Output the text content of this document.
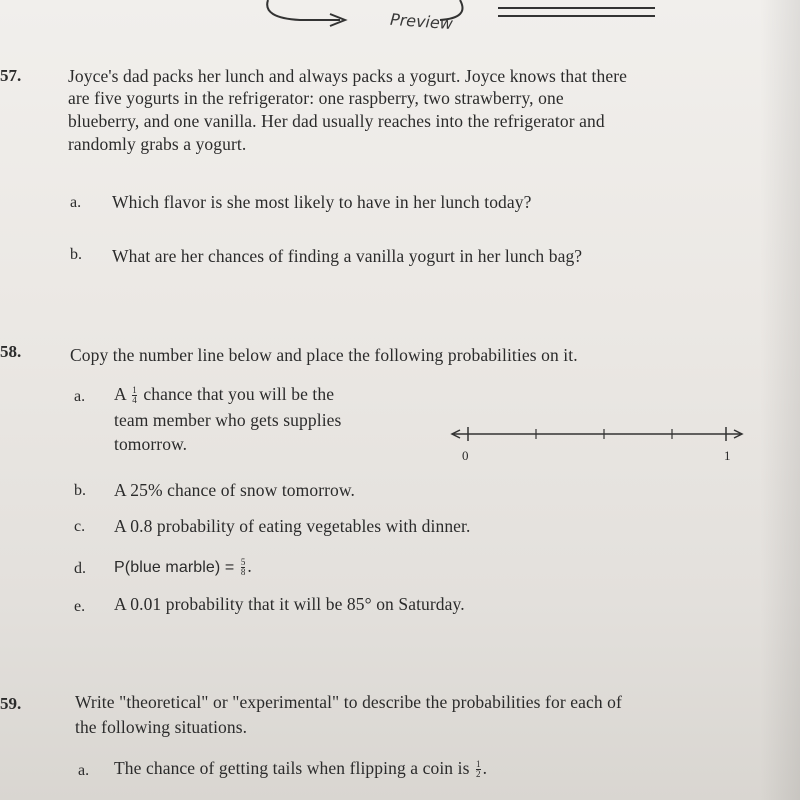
Preview
57.	Joyce's dad packs her lunch and always packs a yogurt. Joyce knows that there
are five yogurts in the refrigerator: one raspberry, two strawberry, one
blueberry, and one vanilla. Her dad usually reaches into the refrigerator and
randomly grabs a yogurt.
a. Which flavor is she most likely to have in her lunch today?
b. What are her chances of finding a vanilla yogurt in her lunch bag?
58.	Copy the number line below and place the following probabilities on it.
a. A $\frac{1}{4}$ chance that you will be the
team member who gets supplies
tomorrow.
0	1
b. A 25% chance of snow tomorrow.
c. A 0.8 probability of eating vegetables with dinner.
d. P(blue marble) = $\frac{5}{8}$ .
e. A 0.01 probability that it will be 85° on Saturday.
59.	Write "theoretical" or "experimental" to describe the probabilities for each of
the following situations.
a. The chance of getting tails when flipping a coin is $\frac{1}{2}$ .
